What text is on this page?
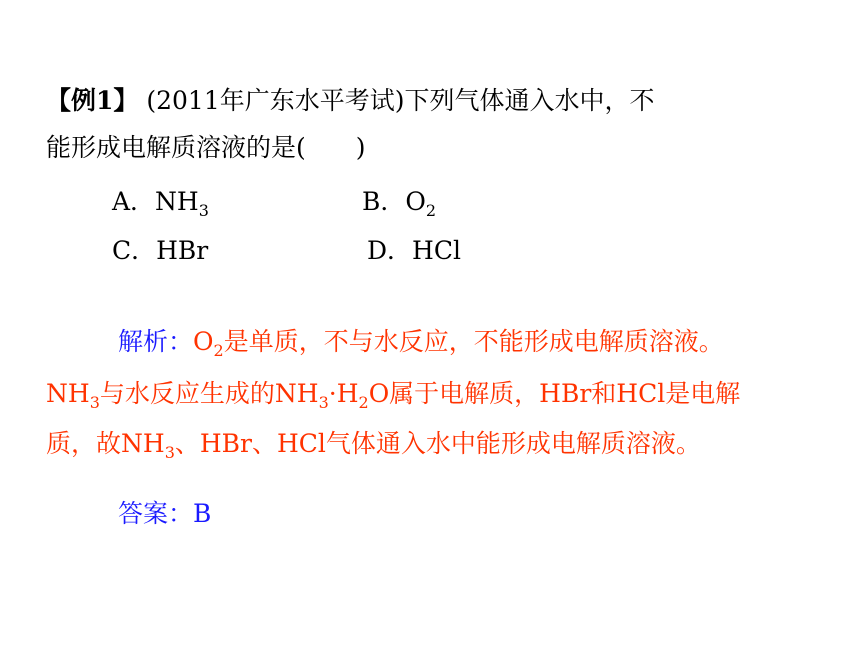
【例1】 (2011年广东水平考试)下列气体通入水中，不
能形成电解质溶液的是(　　)
A．$NH_3$	B．$O_2$
C．HBr	D．HCl
解析：$O_2$是单质，不与水反应，不能形成电解质溶液。
$NH_3$与水反应生成的$NH_3\cdot H_2O$属于电解质，HBr和HCl是电解
质，故$NH_3$、HBr、HCl气体通入水中能形成电解质溶液。
答案：B
